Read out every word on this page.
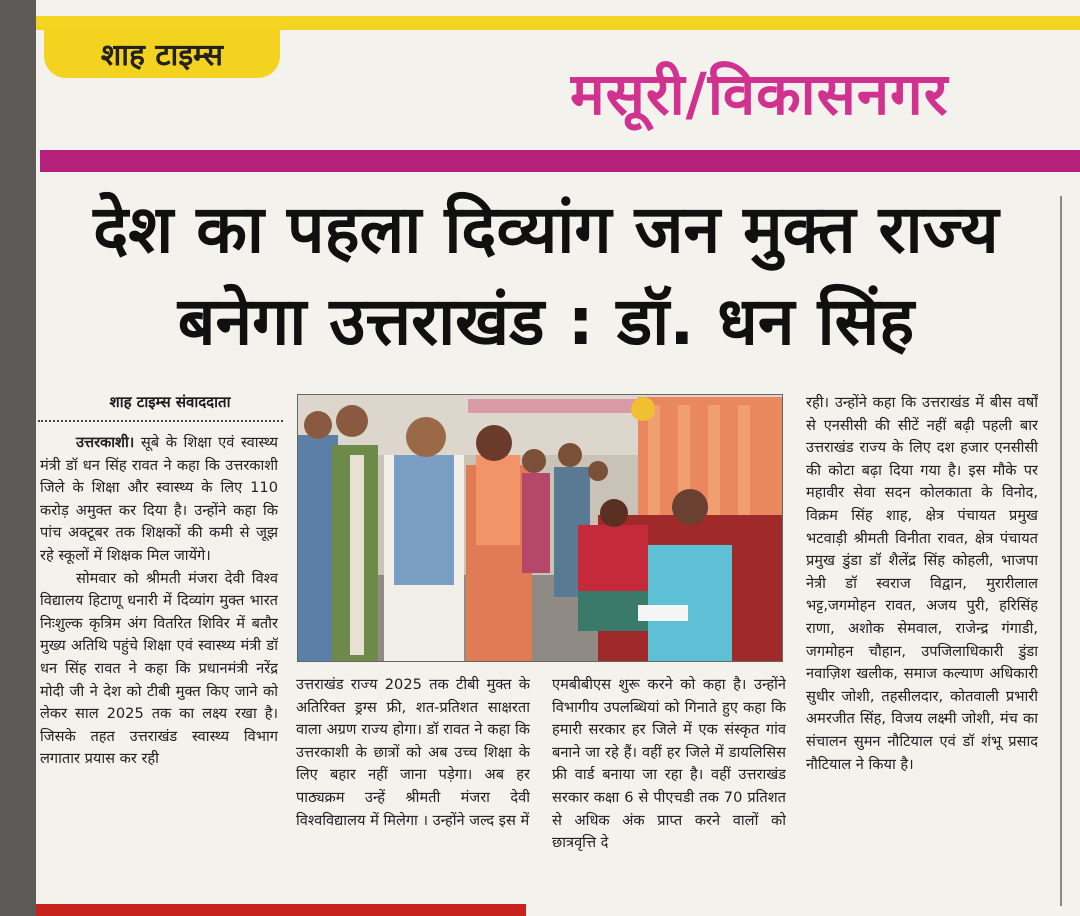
शाह टाइम्स
मसूरी/विकासनगर
देश का पहला दिव्यांग जन मुक्त राज्य
बनेगा उत्तराखंड : डॉ. धन सिंह
शाह टाइम्स संवाददाता

उत्तरकाशी। सूबे के शिक्षा एवं स्वास्थ्य मंत्री डॉ धन सिंह रावत ने कहा कि उत्तरकाशी जिले के शिक्षा और स्वास्थ्य के लिए 110 करोड़ अमुक्त कर दिया है। उन्होंने कहा कि पांच अक्टूबर तक शिक्षकों की कमी से जूझ रहे स्कूलों में शिक्षक मिल जायेंगे।

सोमवार को श्रीमती मंजरा देवी विश्व विद्यालय हिटाणू धनारी में दिव्यांग मुक्त भारत निःशुल्क कृत्रिम अंग वितरित शिविर में बतौर मुख्य अतिथि पहुंचे शिक्षा एवं स्वास्थ्य मंत्री डॉ धन सिंह रावत ने कहा कि प्रधानमंत्री नरेंद्र मोदी जी ने देश को टीबी मुक्त किए जाने को लेकर साल 2025 तक का लक्ष्य रखा है। जिसके तहत उत्तराखंड स्वास्थ्य विभाग लगातार प्रयास कर रही

उत्तराखंड राज्य 2025 तक टीबी मुक्त के अतिरिक्त ड्रग्स फ्री, शत-प्रतिशत साक्षरता वाला अग्रण राज्य होगा। डॉ रावत ने कहा कि उत्तरकाशी के छात्रों को अब उच्च शिक्षा के लिए बहार नहीं जाना पड़ेगा। अब हर पाठ्यक्रम उन्हें श्रीमती मंजरा देवी विश्वविद्यालय में मिलेगा । उन्होंने जल्द इस में

एमबीबीएस शुरू करने को कहा है। उन्होंने विभागीय उपलब्धियां को गिनाते हुए कहा कि हमारी सरकार हर जिले में एक संस्कृत गांव बनाने जा रहे हैं। वहीं हर जिले में डायलिसिस फ्री वार्ड बनाया जा रहा है। वहीं उत्तराखंड सरकार कक्षा 6 से पीएचडी तक 70 प्रतिशत से अधिक अंक प्राप्त करने वालों को छात्रवृत्ति दे

रही। उन्होंने कहा कि उत्तराखंड में बीस वर्षों से एनसीसी की सीटें नहीं बढ़ी पहली बार उत्तराखंड राज्य के लिए दश हजार एनसीसी की कोटा बढ़ा दिया गया है। इस मौके पर महावीर सेवा सदन कोलकाता के विनोद, विक्रम सिंह शाह, क्षेत्र पंचायत प्रमुख भटवाड़ी श्रीमती विनीता रावत, क्षेत्र पंचायत प्रमुख डुंडा डॉ शैलेंद्र सिंह कोहली, भाजपा नेत्री डॉ स्वराज विद्वान, मुरारीलाल भट्ट,जगमोहन रावत, अजय पुरी, हरिसिंह राणा, अशोक सेमवाल, राजेन्द्र गंगाडी, जगमोहन चौहान, उपजिलाधिकारी डुंडा नवाज़िश खलीक, समाज कल्याण अधिकारी सुधीर जोशी, तहसीलदार, कोतवाली प्रभारी अमरजीत सिंह, विजय लक्ष्मी जोशी, मंच का संचालन सुमन नौटियाल एवं डॉ शंभू प्रसाद नौटियाल ने किया है।
